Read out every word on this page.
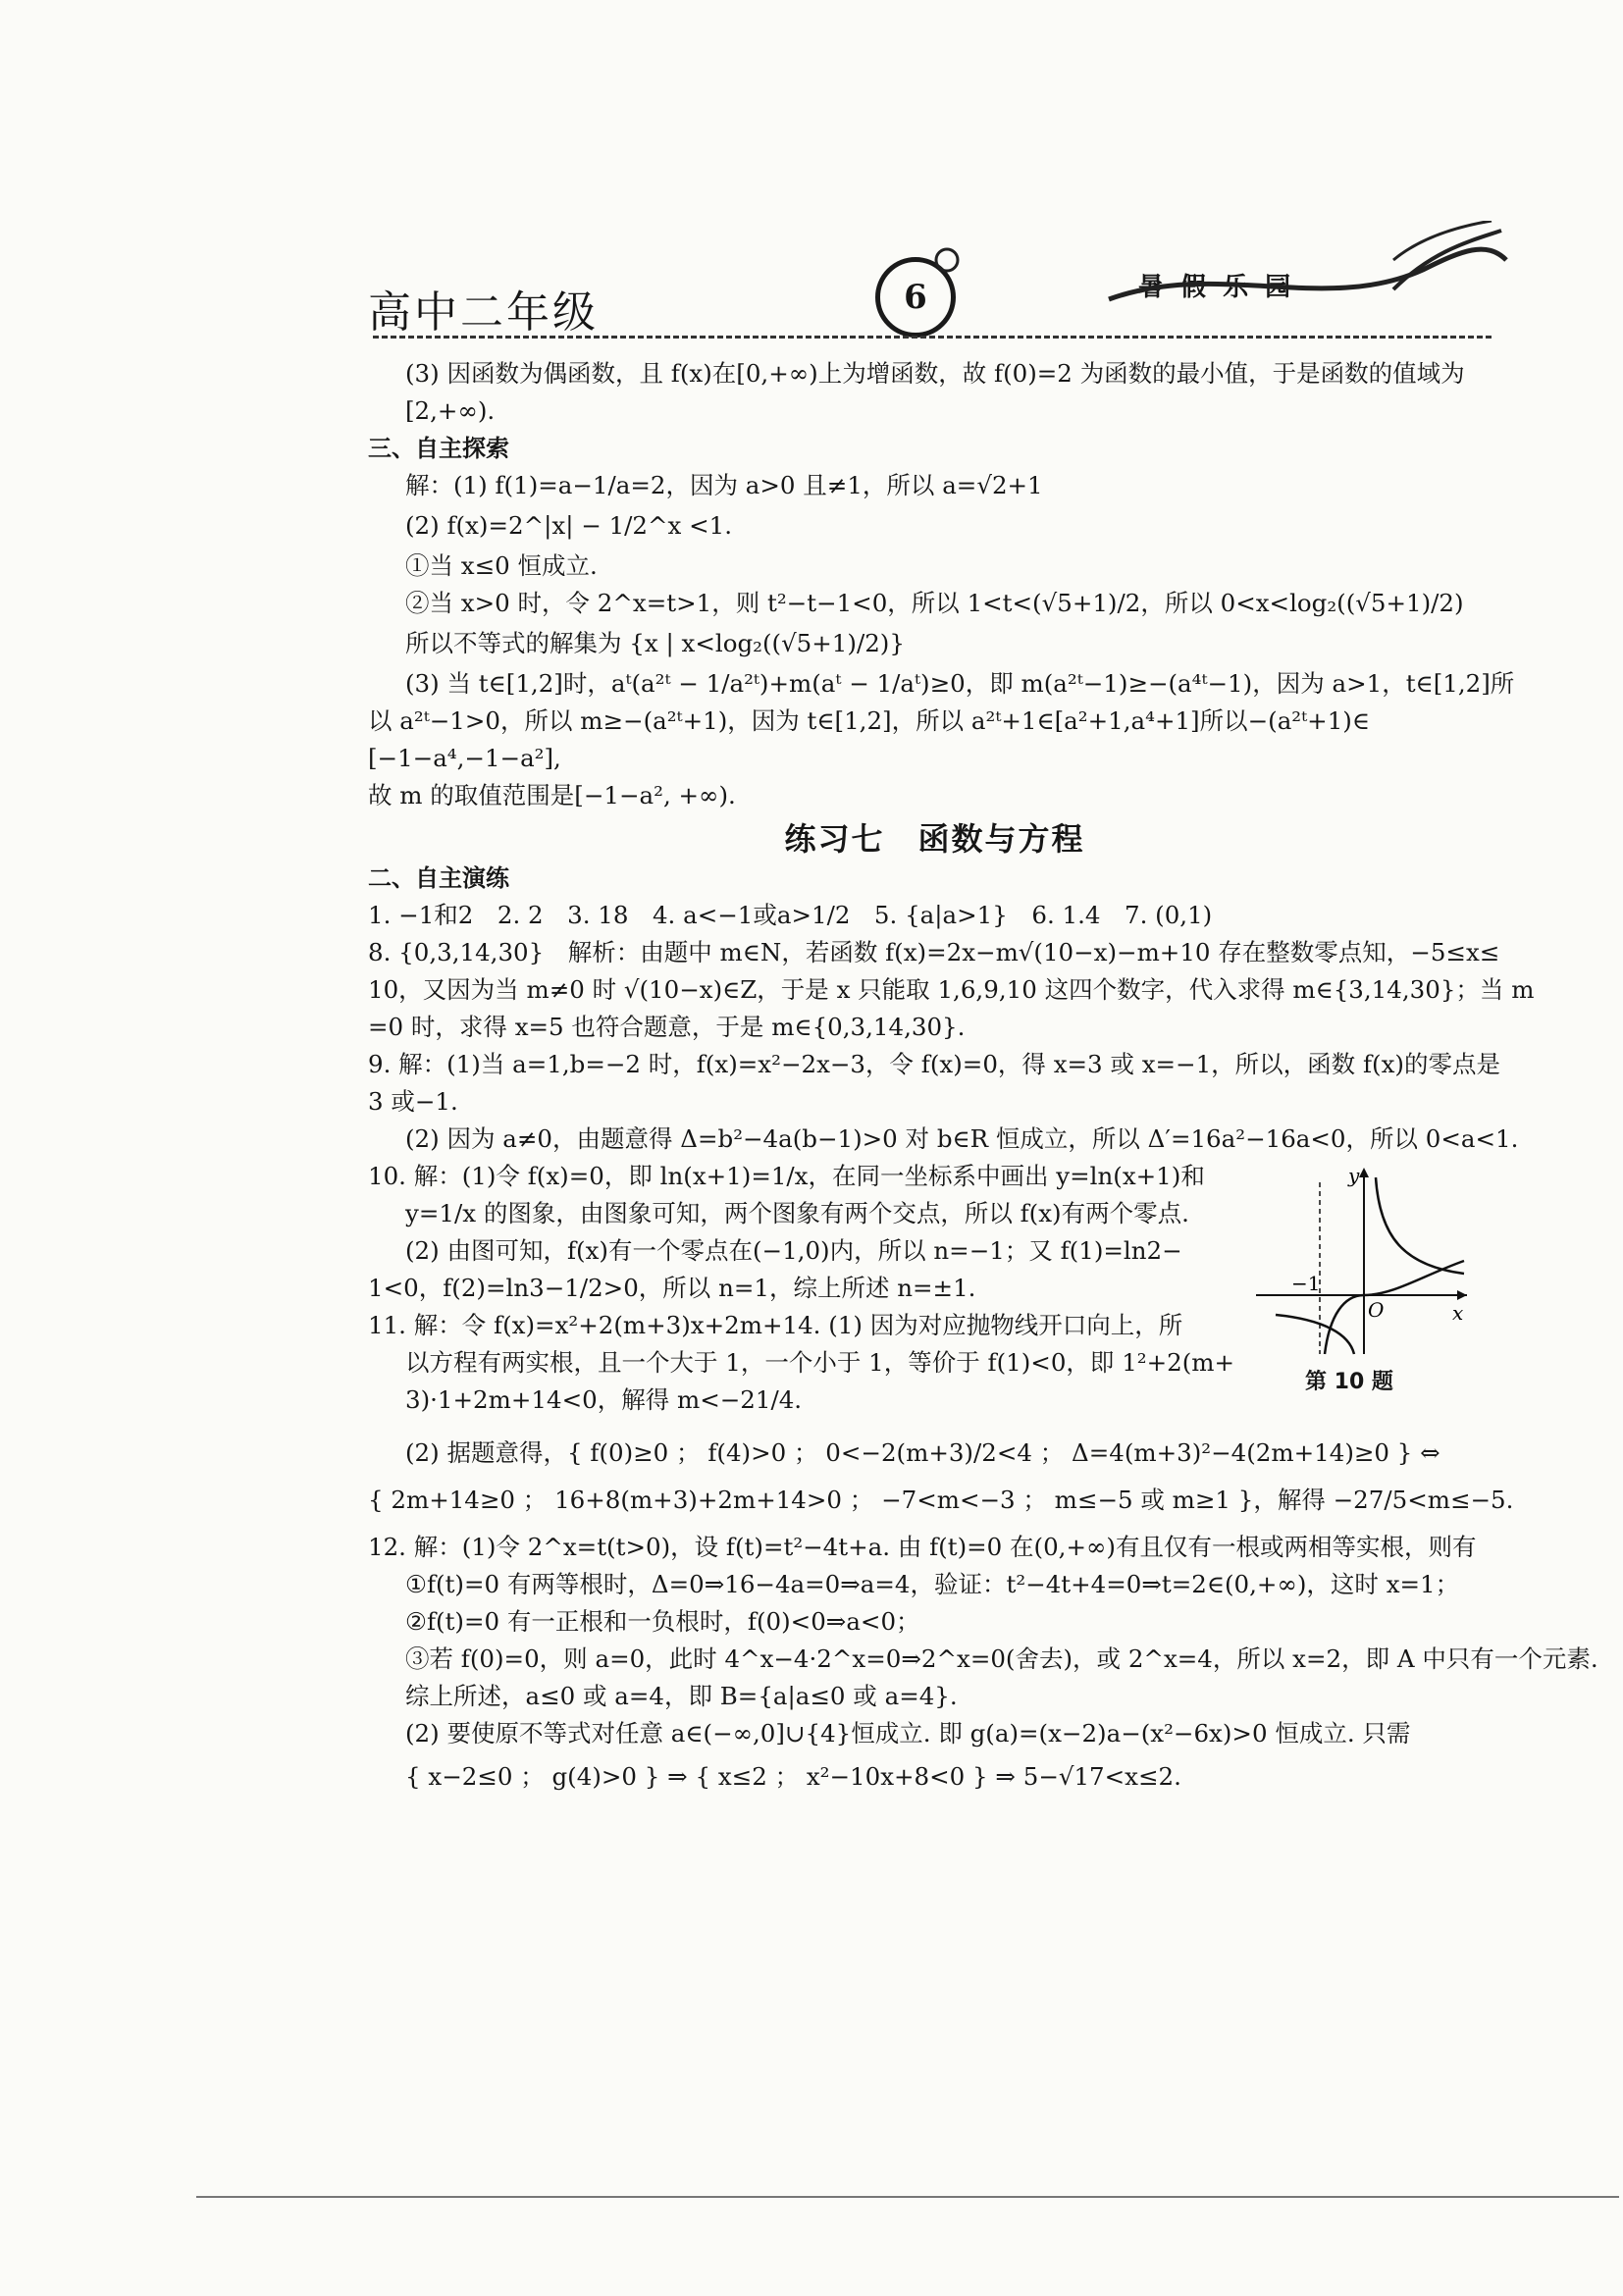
高中二年级	6	暑 假 乐 园
(3) 因函数为偶函数，且 f(x)在[0,+∞)上为增函数，故 f(0)=2 为函数的最小值，于是函数的值域为
[2,+∞).
三、自主探索
解：(1) f(1)=a−1/a=2，因为 a>0 且≠1，所以 a=√2+1
(2) f(x)=2^|x| − 1/2^x <1.
①当 x≤0 恒成立.
②当 x>0 时，令 2^x=t>1，则 t²−t−1<0，所以 1<t<(√5+1)/2，所以 0<x<log₂((√5+1)/2)
所以不等式的解集为 {x | x<log₂((√5+1)/2)}
(3) 当 t∈[1,2]时，aᵗ(a²ᵗ − 1/a²ᵗ)+m(aᵗ − 1/aᵗ)≥0，即 m(a²ᵗ−1)≥−(a⁴ᵗ−1)，因为 a>1，t∈[1,2]所
以 a²ᵗ−1>0，所以 m≥−(a²ᵗ+1)，因为 t∈[1,2]，所以 a²ᵗ+1∈[a²+1,a⁴+1]所以−(a²ᵗ+1)∈
[−1−a⁴,−1−a²],
故 m 的取值范围是[−1−a², +∞).
练习七　函数与方程
二、自主演练
1. −1和2　2. 2　3. 18　4. a<−1或a>1/2　5. {a|a>1}　6. 1.4　7. (0,1)
8. {0,3,14,30}　解析：由题中 m∈N，若函数 f(x)=2x−m√(10−x)−m+10 存在整数零点知，−5≤x≤
10，又因为当 m≠0 时 √(10−x)∈Z，于是 x 只能取 1,6,9,10 这四个数字，代入求得 m∈{3,14,30}；当 m
=0 时，求得 x=5 也符合题意，于是 m∈{0,3,14,30}.
9. 解：(1)当 a=1,b=−2 时，f(x)=x²−2x−3，令 f(x)=0，得 x=3 或 x=−1，所以，函数 f(x)的零点是
3 或−1.
(2) 因为 a≠0，由题意得 Δ=b²−4a(b−1)>0 对 b∈R 恒成立，所以 Δ′=16a²−16a<0，所以 0<a<1.
y
x
O
−1
第 10 题
10. 解：(1)令 f(x)=0，即 ln(x+1)=1/x，在同一坐标系中画出 y=ln(x+1)和
y=1/x 的图象，由图象可知，两个图象有两个交点，所以 f(x)有两个零点.
(2) 由图可知，f(x)有一个零点在(−1,0)内，所以 n=−1；又 f(1)=ln2−
1<0，f(2)=ln3−1/2>0，所以 n=1，综上所述 n=±1.
11. 解：令 f(x)=x²+2(m+3)x+2m+14. (1) 因为对应抛物线开口向上，所
以方程有两实根，且一个大于 1，一个小于 1，等价于 f(1)<0，即 1²+2(m+
3)·1+2m+14<0，解得 m<−21/4.
(2) 据题意得，{ f(0)≥0 ； f(4)>0 ； 0<−2(m+3)/2<4 ； Δ=4(m+3)²−4(2m+14)≥0 } ⇔
{ 2m+14≥0 ； 16+8(m+3)+2m+14>0 ； −7<m<−3 ； m≤−5 或 m≥1 }，解得 −27/5<m≤−5.
12. 解：(1)令 2^x=t(t>0)，设 f(t)=t²−4t+a. 由 f(t)=0 在(0,+∞)有且仅有一根或两相等实根，则有
①f(t)=0 有两等根时，Δ=0⇒16−4a=0⇒a=4，验证：t²−4t+4=0⇒t=2∈(0,+∞)，这时 x=1；
②f(t)=0 有一正根和一负根时，f(0)<0⇒a<0；
③若 f(0)=0，则 a=0，此时 4^x−4·2^x=0⇒2^x=0(舍去)，或 2^x=4，所以 x=2，即 A 中只有一个元素.
综上所述，a≤0 或 a=4，即 B={a|a≤0 或 a=4}.
(2) 要使原不等式对任意 a∈(−∞,0]∪{4}恒成立. 即 g(a)=(x−2)a−(x²−6x)>0 恒成立. 只需
{ x−2≤0 ； g(4)>0 } ⇒ { x≤2 ； x²−10x+8<0 } ⇒ 5−√17<x≤2.
